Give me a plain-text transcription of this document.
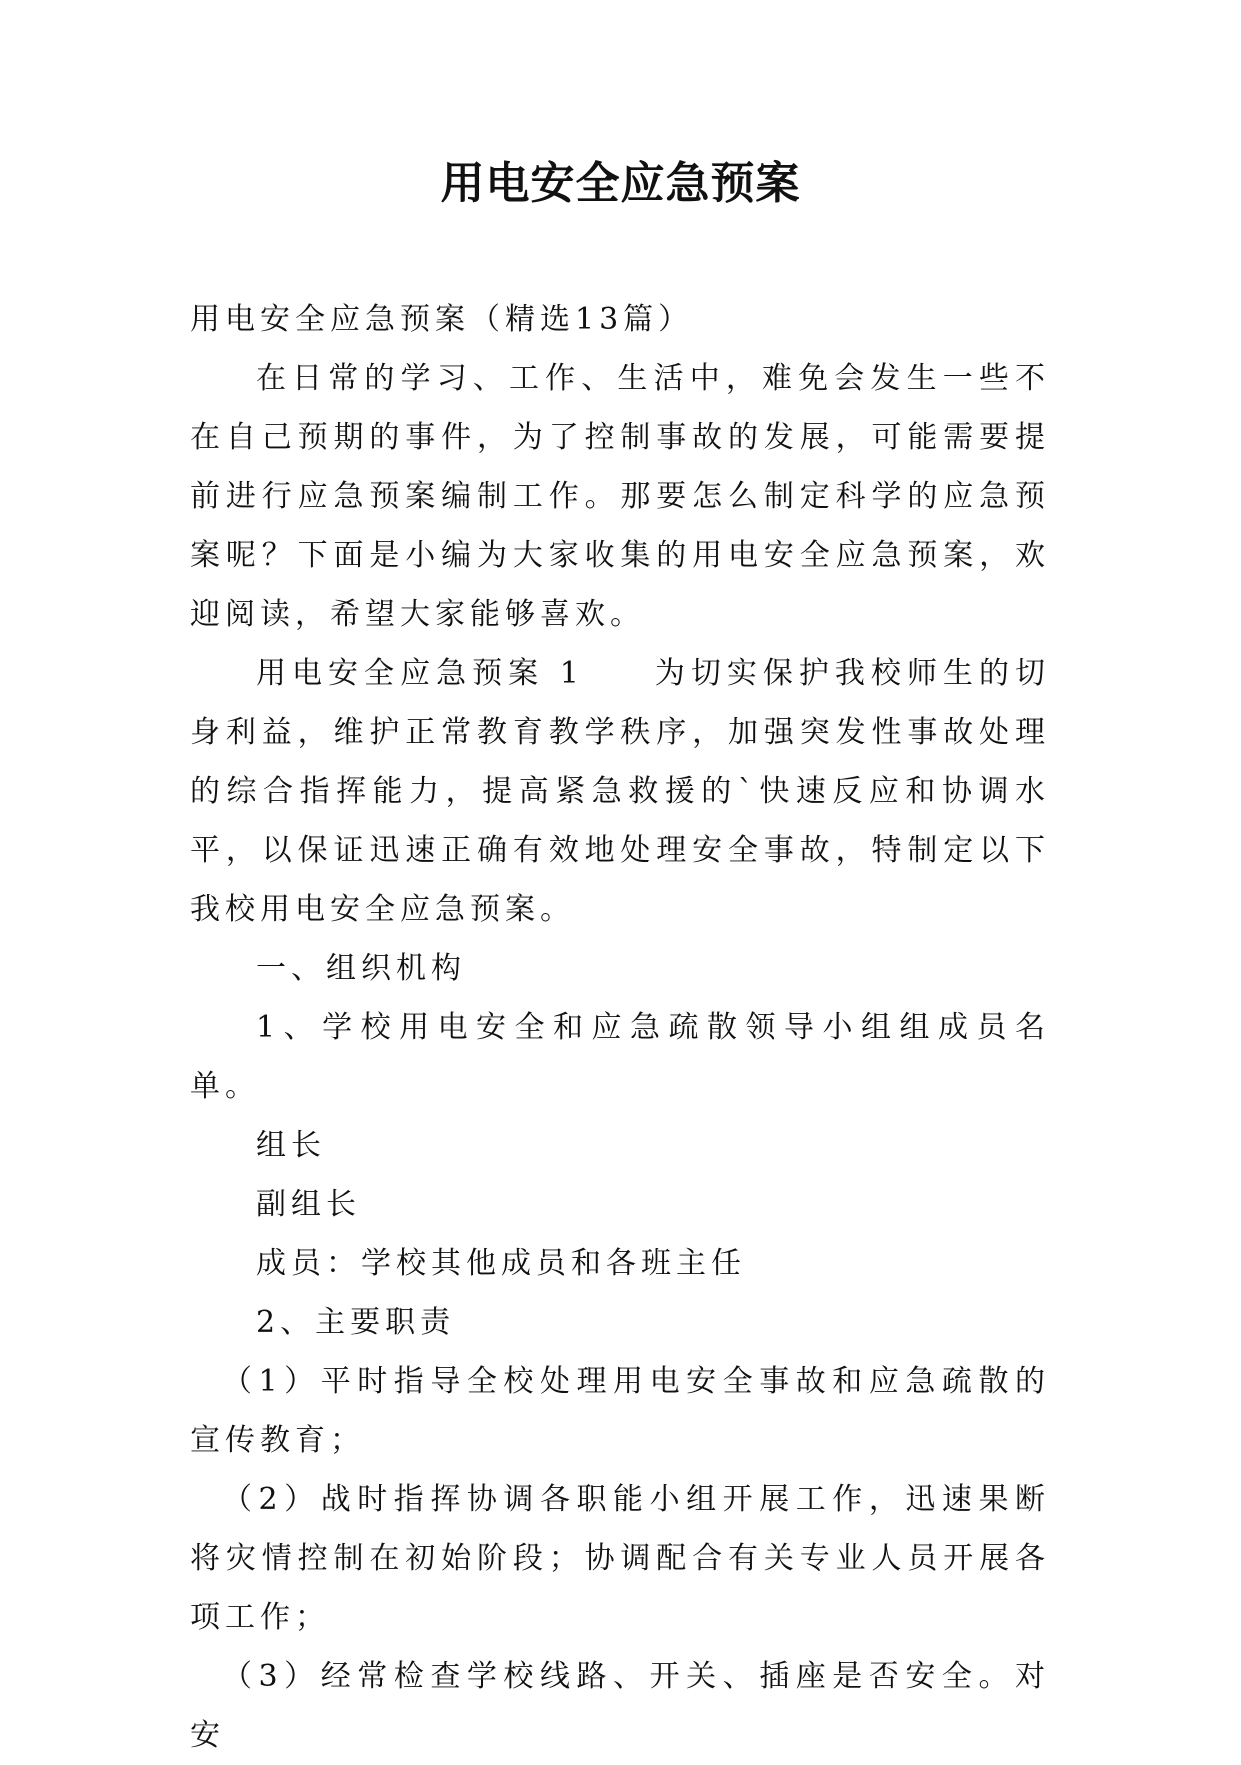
用电安全应急预案

用电安全应急预案（精选13篇）

在日常的学习、工作、生活中，难免会发生一些不在自己预期的事件，为了控制事故的发展，可能需要提前进行应急预案编制工作。那要怎么制定科学的应急预案呢？下面是小编为大家收集的用电安全应急预案，欢迎阅读，希望大家能够喜欢。

用电安全应急预案 1 为切实保护我校师生的切身利益，维护正常教育教学秩序，加强突发性事故处理的综合指挥能力，提高紧急救援的`快速反应和协调水平，以保证迅速正确有效地处理安全事故，特制定以下我校用电安全应急预案。

一、组织机构

1、学校用电安全和应急疏散领导小组组成员名单。

组长

副组长

成员：学校其他成员和各班主任

2、主要职责

（1）平时指导全校处理用电安全事故和应急疏散的宣传教育；

（2）战时指挥协调各职能小组开展工作，迅速果断将灾情控制在初始阶段；协调配合有关专业人员开展各项工作；

（3）经常检查学校线路、开关、插座是否安全。对安
